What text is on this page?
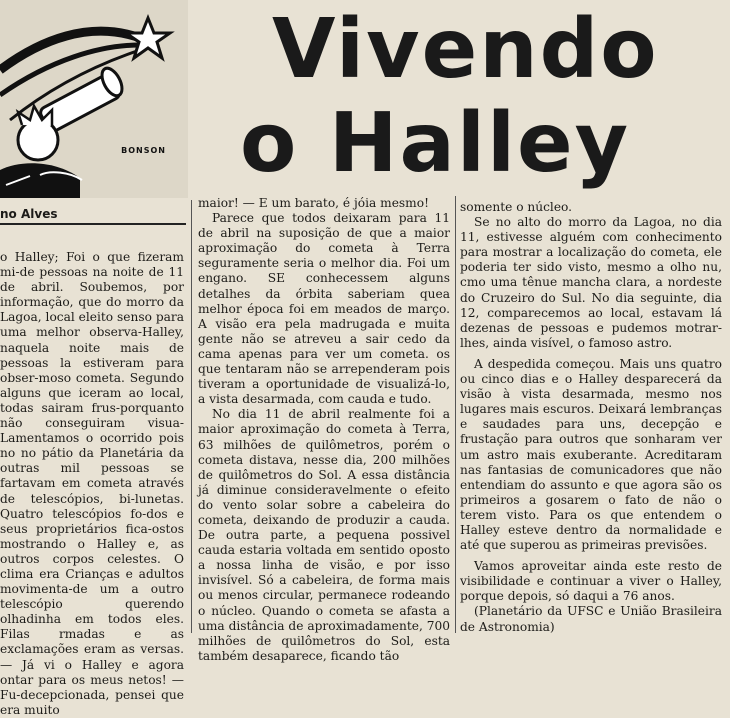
BONSON
Vivendo
o Halley
no Alves

o Halley; Foi o que fizeram mi-de pessoas na noite de 11 de abril. Soubemos, por informação, que do morro da Lagoa, local eleito senso para uma melhor observa-Halley, naquela noite mais de pessoas la estiveram para obser-moso cometa. Segundo alguns que iceram ao local, todas sairam frus-porquanto não conseguiram visua-Lamentamos o ocorrido pois no no pátio da Planetária da outras mil pessoas se fartavam em cometa através de telescópios, bi-lunetas. Quatro telescópios fo-dos e seus proprietários fica-ostos mostrando o Halley e, as outros corpos celestes. O clima era Crianças e adultos movimenta-de um a outro telescópio querendo olhadinha em todos eles. Filas rmadas e as exclamações eram as versas. — Já vi o Halley e agora ontar para os meus netos! — Fu-decepcionada, pensei que era muito

maior! — E um barato, é jóia mesmo!

Parece que todos deixaram para 11 de abril na suposição de que a maior aproximação do cometa à Terra seguramente seria o melhor dia. Foi um engano. SE conhecessem alguns detalhes da órbita saberiam quea melhor época foi em meados de março. A visão era pela madrugada e muita gente não se atreveu a sair cedo da cama apenas para ver um cometa. os que tentaram não se arrependeram pois tiveram a oportunidade de visualizá-lo, a vista desarmada, com cauda e tudo.

No dia 11 de abril realmente foi a maior aproximação do cometa à Terra, 63 milhões de quilômetros, porém o cometa distava, nesse dia, 200 milhões de quilômetros do Sol. A essa distância já diminue consideravelmente o efeito do vento solar sobre a cabeleira do cometa, deixando de produzir a cauda. De outra parte, a pequena possivel cauda estaria voltada em sentido oposto a nossa linha de visão, e por isso invisível. Só a cabeleira, de forma mais ou menos circular, permanece rodeando o núcleo. Quando o cometa se afasta a uma distância de aproximadamente, 700 milhões de quilômetros do Sol, esta também desaparece, ficando tão

somente o núcleo.

Se no alto do morro da Lagoa, no dia 11, estivesse alguém com conhecimento para mostrar a localização do cometa, ele poderia ter sido visto, mesmo a olho nu, cmo uma tênue mancha clara, a nordeste do Cruzeiro do Sul. No dia seguinte, dia 12, comparecemos ao local, estavam lá dezenas de pessoas e pudemos motrar-lhes, ainda visível, o famoso astro.

A despedida começou. Mais uns quatro ou cinco dias e o Halley desparecerá da visão à vista desarmada, mesmo nos lugares mais escuros. Deixará lembranças e saudades para uns, decepção e frustação para outros que sonharam ver um astro mais exuberante. Acreditaram nas fantasias de comunicadores que não entendiam do assunto e que agora são os primeiros a gosarem o fato de não o terem visto. Para os que entendem o Halley esteve dentro da normalidade e até que superou as primeiras previsões.

Vamos aproveitar ainda este resto de visibilidade e continuar a viver o Halley, porque depois, só daqui a 76 anos.

(Planetário da UFSC e União Brasileira de Astronomia)
